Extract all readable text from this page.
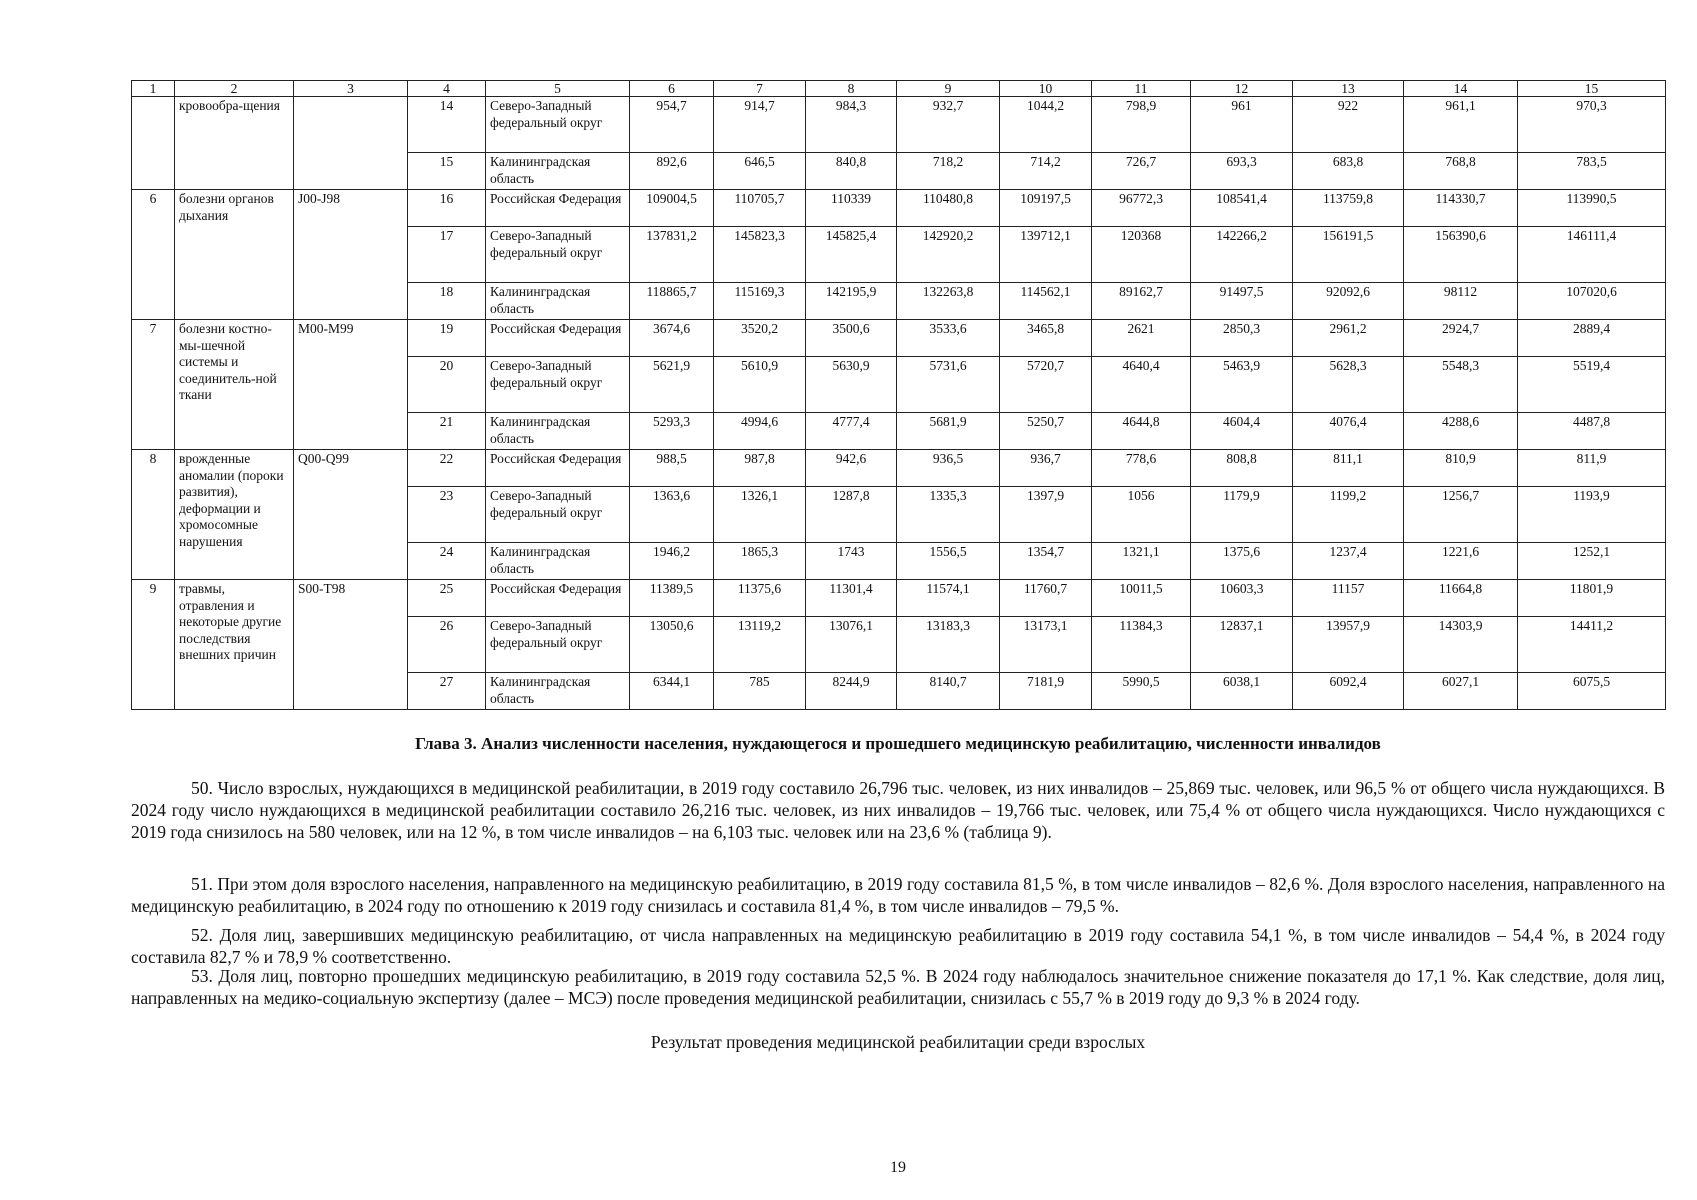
1	2	3	4	5	6	7	8	9	10	11	12	13	14	15
	кровообра-щения		14	Северо-Западный федеральный округ	954,7	914,7	984,3	932,7	1044,2	798,9	961	922	961,1	970,3
			15	Калининградская область	892,6	646,5	840,8	718,2	714,2	726,7	693,3	683,8	768,8	783,5
6	болезни органов дыхания	J00-J98	16	Российская Федерация	109004,5	110705,7	110339	110480,8	109197,5	96772,3	108541,4	113759,8	114330,7	113990,5
			17	Северо-Западный федеральный округ	137831,2	145823,3	145825,4	142920,2	139712,1	120368	142266,2	156191,5	156390,6	146111,4
			18	Калининградская область	118865,7	115169,3	142195,9	132263,8	114562,1	89162,7	91497,5	92092,6	98112	107020,6
7	болезни костно-мы-шечной системы и соединитель-ной ткани	M00-M99	19	Российская Федерация	3674,6	3520,2	3500,6	3533,6	3465,8	2621	2850,3	2961,2	2924,7	2889,4
			20	Северо-Западный федеральный округ	5621,9	5610,9	5630,9	5731,6	5720,7	4640,4	5463,9	5628,3	5548,3	5519,4
			21	Калининградская область	5293,3	4994,6	4777,4	5681,9	5250,7	4644,8	4604,4	4076,4	4288,6	4487,8
8	врожденные аномалии (пороки развития), деформации и хромосомные нарушения	Q00-Q99	22	Российская Федерация	988,5	987,8	942,6	936,5	936,7	778,6	808,8	811,1	810,9	811,9
			23	Северо-Западный федеральный округ	1363,6	1326,1	1287,8	1335,3	1397,9	1056	1179,9	1199,2	1256,7	1193,9
			24	Калининградская область	1946,2	1865,3	1743	1556,5	1354,7	1321,1	1375,6	1237,4	1221,6	1252,1
9	травмы, отравления и некоторые другие последствия внешних причин	S00-T98	25	Российская Федерация	11389,5	11375,6	11301,4	11574,1	11760,7	10011,5	10603,3	11157	11664,8	11801,9
			26	Северо-Западный федеральный округ	13050,6	13119,2	13076,1	13183,3	13173,1	11384,3	12837,1	13957,9	14303,9	14411,2
			27	Калининградская область	6344,1	785	8244,9	8140,7	7181,9	5990,5	6038,1	6092,4	6027,1	6075,5
Глава 3. Анализ численности населения, нуждающегося и прошедшего медицинскую реабилитацию, численности инвалидов

50. Число взрослых, нуждающихся в медицинской реабилитации, в 2019 году составило 26,796 тыс. человек, из них инвалидов – 25,869 тыс. человек, или 96,5 % от общего числа нуждающихся. В 2024 году число нуждающихся в медицинской реабилитации составило 26,216 тыс. человек, из них инвалидов – 19,766 тыс. человек, или 75,4 % от общего числа нуждающихся. Число нуждающихся с 2019 года снизилось на 580 человек, или на 12 %, в том числе инвалидов – на 6,103 тыс. человек или на 23,6 % (таблица 9).

51. При этом доля взрослого населения, направленного на медицинскую реабилитацию, в 2019 году составила 81,5 %, в том числе инвалидов – 82,6 %. Доля взрослого населения, направленного на медицинскую реабилитацию, в 2024 году по отношению к 2019 году снизилась и составила 81,4 %, в том числе инвалидов – 79,5 %.

52. Доля лиц, завершивших медицинскую реабилитацию, от числа направленных на медицинскую реабилитацию в 2019 году составила 54,1 %, в том числе инвалидов – 54,4 %, в 2024 году составила 82,7 % и 78,9 % соответственно.

53. Доля лиц, повторно прошедших медицинскую реабилитацию, в 2019 году составила 52,5 %. В 2024 году наблюдалось значительное снижение показателя до 17,1 %. Как следствие, доля лиц, направленных на медико-социальную экспертизу (далее – МСЭ) после проведения медицинской реабилитации, снизилась с 55,7 % в 2019 году до 9,3 % в 2024 году.

Результат проведения медицинской реабилитации среди взрослых
19
